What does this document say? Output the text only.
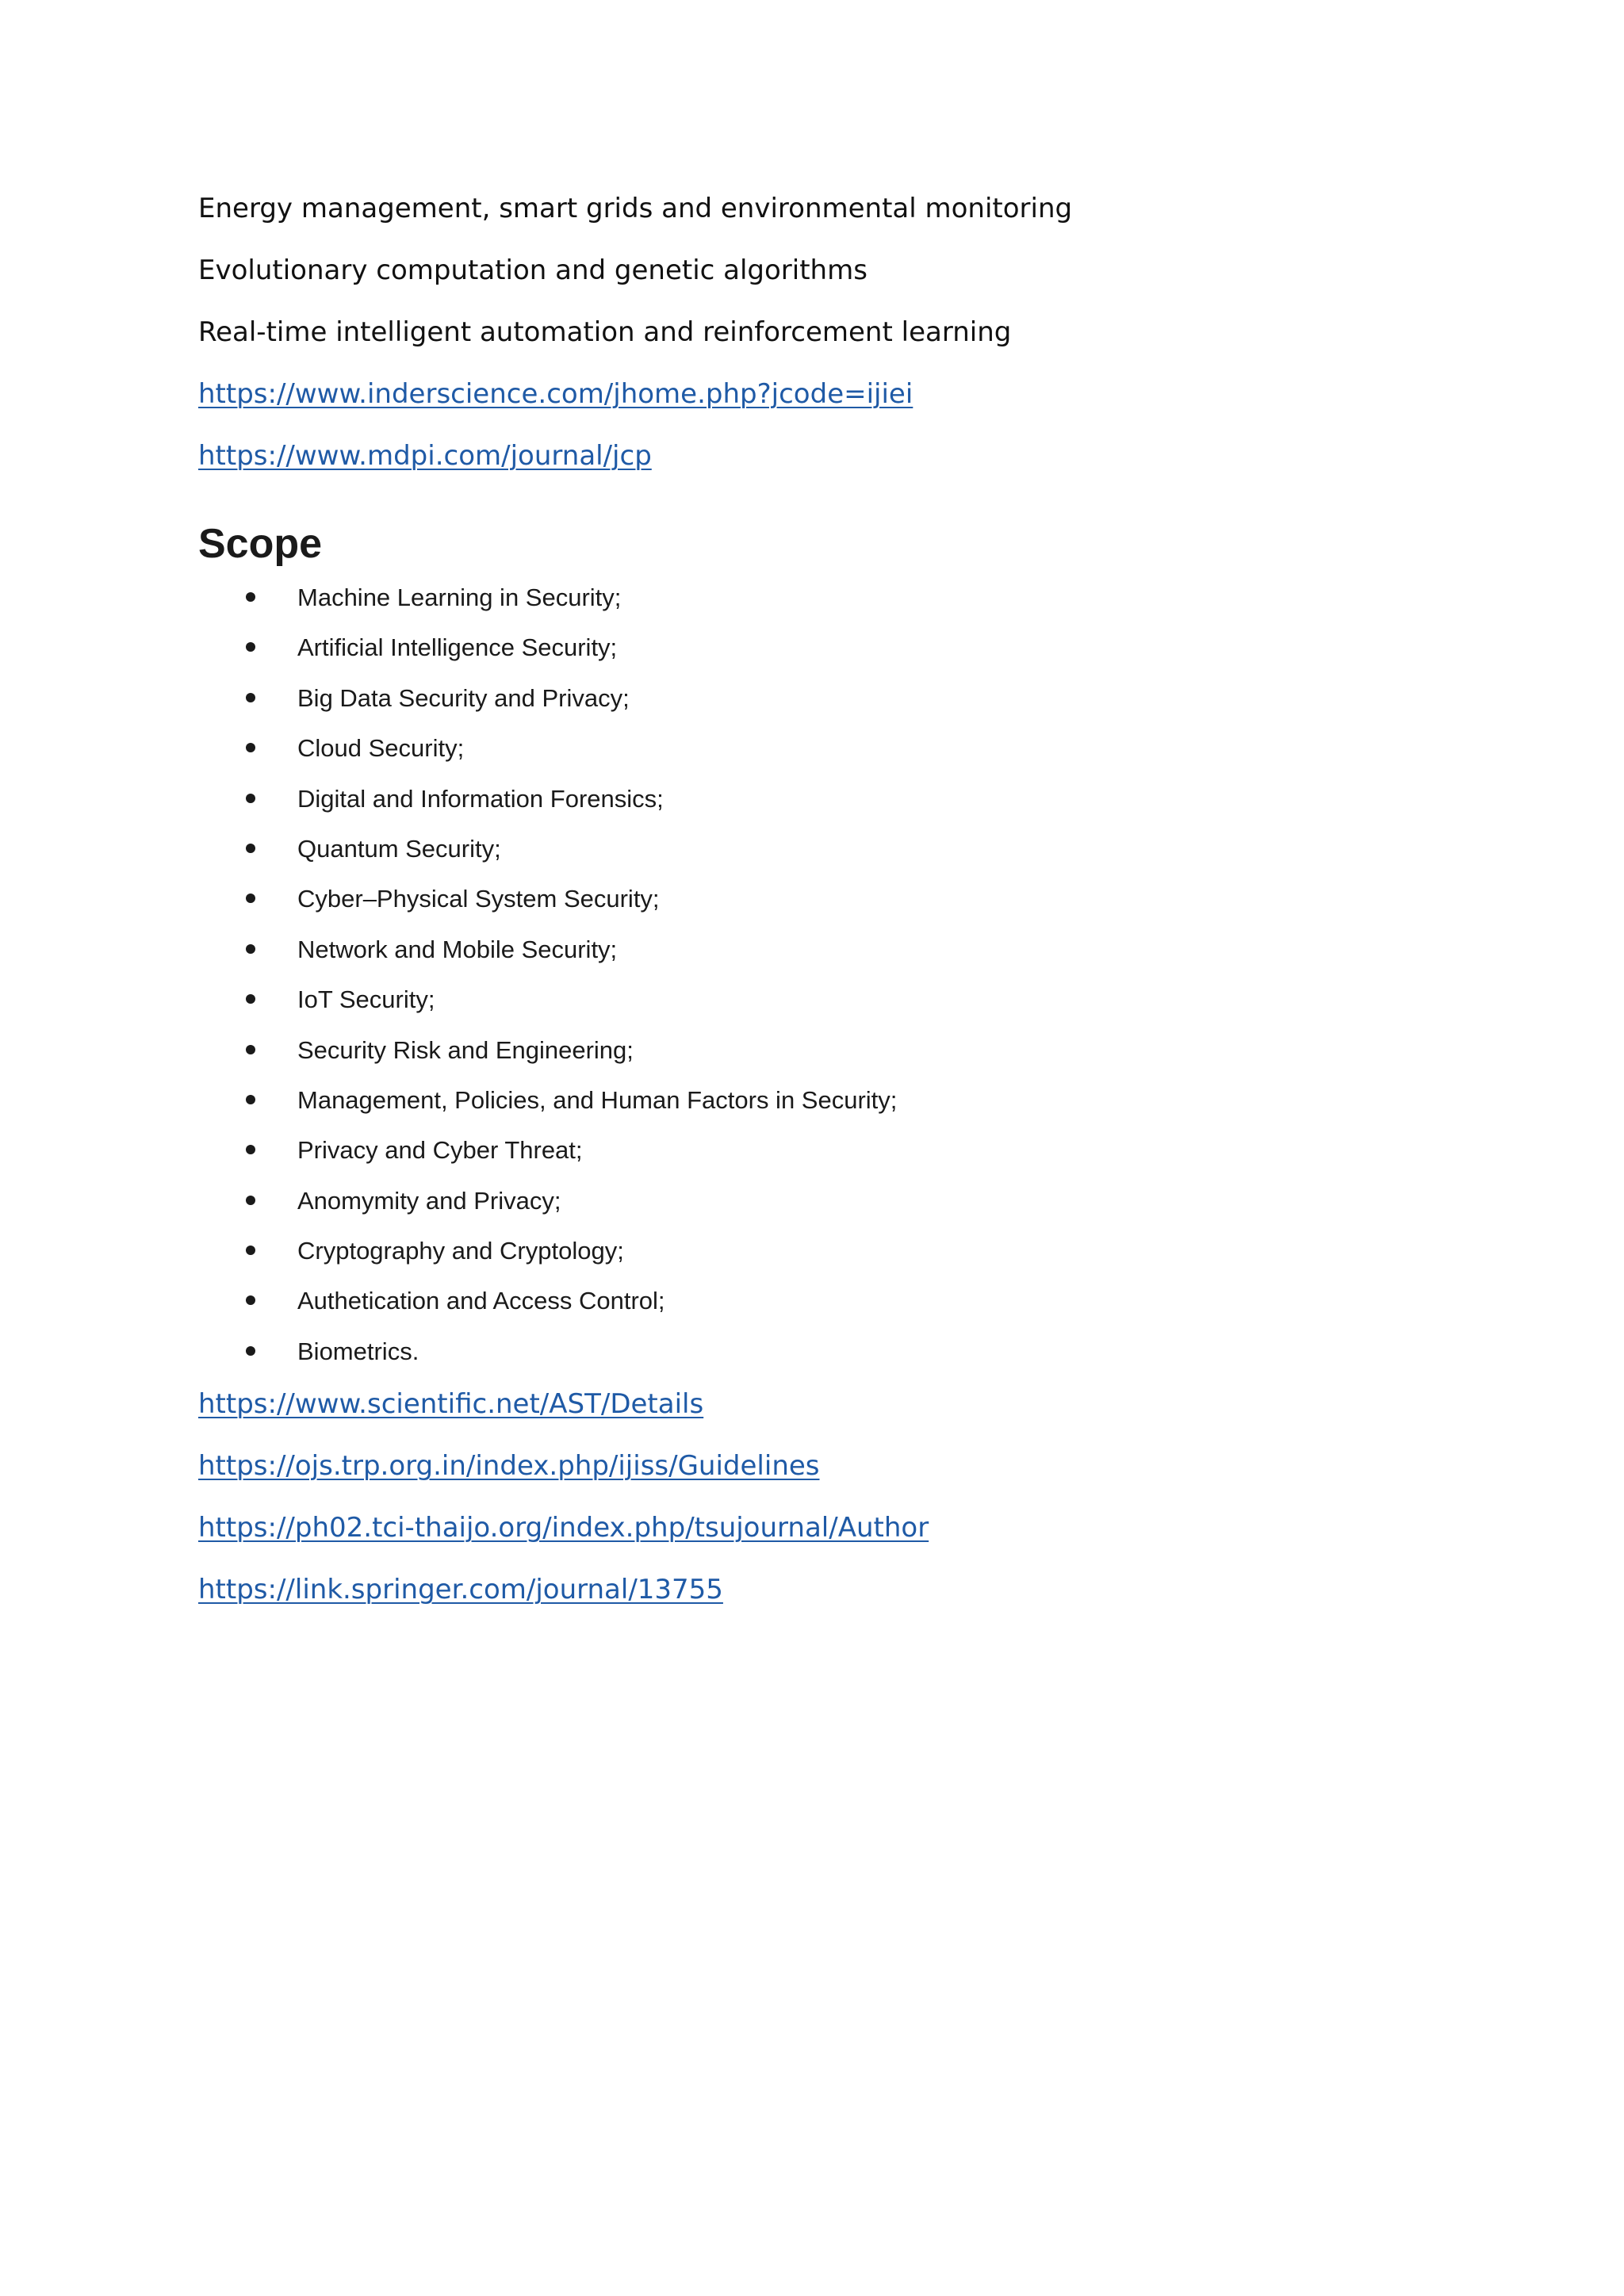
Energy management, smart grids and environmental monitoring

Evolutionary computation and genetic algorithms

Real-time intelligent automation and reinforcement learning

https://www.inderscience.com/jhome.php?jcode=ijiei
https://www.mdpi.com/journal/jcp
Scope
Machine Learning in Security;
Artificial Intelligence Security;
Big Data Security and Privacy;
Cloud Security;
Digital and Information Forensics;
Quantum Security;
Cyber–Physical System Security;
Network and Mobile Security;
IoT Security;
Security Risk and Engineering;
Management, Policies, and Human Factors in Security;
Privacy and Cyber Threat;
Anomymity and Privacy;
Cryptography and Cryptology;
Authetication and Access Control;
Biometrics.
https://www.scientific.net/AST/Details
https://ojs.trp.org.in/index.php/ijiss/Guidelines
https://ph02.tci-thaijo.org/index.php/tsujournal/Author
https://link.springer.com/journal/13755
